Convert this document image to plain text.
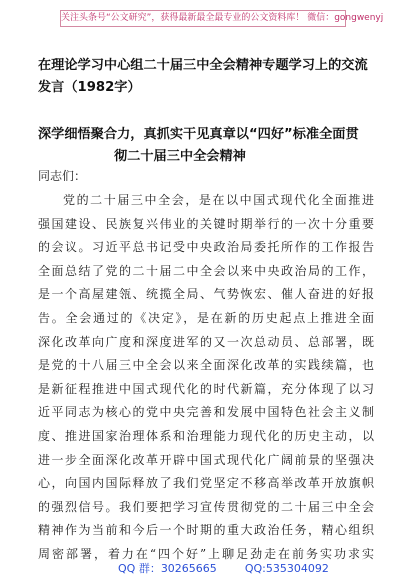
关注头条号“公文研究”，获得最新最全最专业的公文资料库！ 微信：gongwenyj
在理论学习中心组二十届三中全会精神专题学习上的交流发言（1982字）
深学细悟聚合力，真抓实干见真章以“四好”标准全面贯
彻二十届三中全会精神
同志们：
党的二十届三中全会，是在以中国式现代化全面推进
强国建设、民族复兴伟业的关键时期举行的一次十分重要
的会议。习近平总书记受中央政治局委托所作的工作报告
全面总结了党的二十届二中全会以来中央政治局的工作，
是一个高屋建瓴、统揽全局、气势恢宏、催人奋进的好报
告。全会通过的《决定》，是在新的历史起点上推进全面
深化改革向广度和深度进军的又一次总动员、总部署，既
是党的十八届三中全会以来全面深化改革的实践续篇，也
是新征程推进中国式现代化的时代新篇，充分体现了以习
近平同志为核心的党中央完善和发展中国特色社会主义制
度、推进国家治理体系和治理能力现代化的历史主动，以
进一步全面深化改革开辟中国式现代化广阔前景的坚强决
心，向国内国际释放了我们党坚定不移高举改革开放旗帜
的强烈信号。我们要把学习宣传贯彻党的二十届三中全会
精神作为当前和今后一个时期的重大政治任务，精心组织
周密部署，着力在“四个好”上聊足劲走在前务实功求实
QQ 群：30265665	QQ:535304092
